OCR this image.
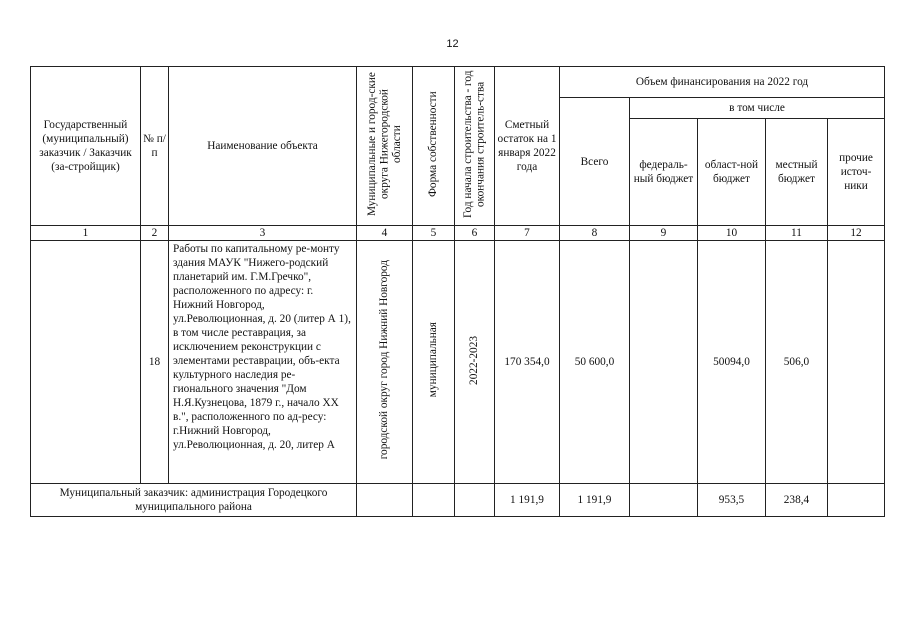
12
Государственный (муниципальный) заказчик / Заказчик (за-стройщик)	№ п/п	Наименование объекта	Муниципальные и город-ские округа Нижегородской области	Форма собственности	Год начала строительства - год окончания строитель-ства	Сметный остаток на 1 января 2022 года	Объем финансирования на 2022 год				
							Всего	в том числе			
								федераль-ный бюджет	област-ной бюджет	местный бюджет	прочие источ-ники
1	2	3	4	5	6	7	8	9	10	11	12
	18	Работы по капитальному ре-монту здания МАУК "Нижего-родский планетарий им. Г.М.Гречко", расположенного по адресу: г. Нижний Новгород, ул.Революционная, д. 20 (литер А 1), в том числе реставрация, за исключением реконструкции с элементами реставрации, объ-екта культурного наследия ре-гионального значения "Дом Н.Я.Кузнецова, 1879 г., начало XX в.", расположенного по ад-ресу: г.Нижний Новгород, ул.Революционная, д. 20, литер А	городской округ город Нижний Новгород	муниципальная	2022-2023	170 354,0	50 600,0		50094,0	506,0	
Муниципальный заказчик: администрация Городецкого муниципального района						1 191,9	1 191,9		953,5	238,4	
